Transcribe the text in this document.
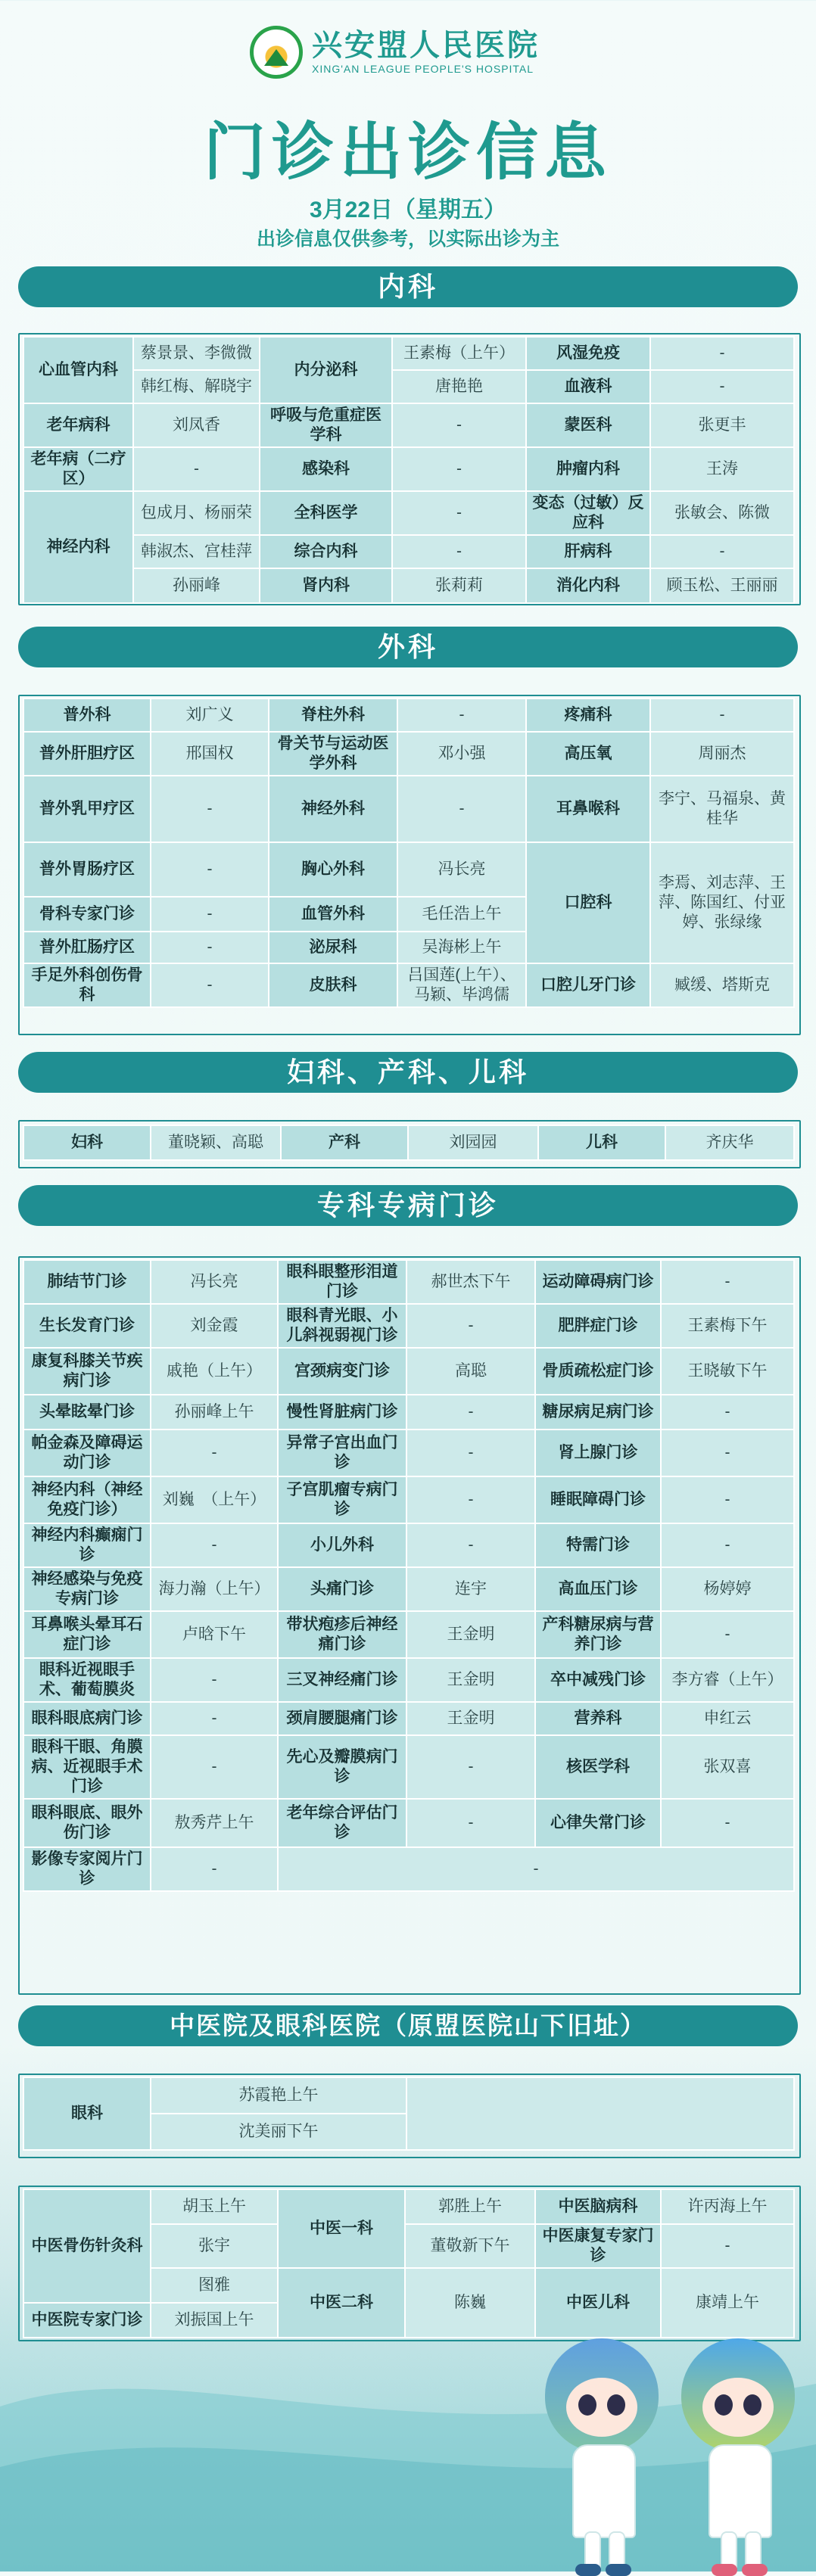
兴安盟人民医院
XING'AN LEAGUE PEOPLE'S HOSPITAL
门诊出诊信息
3月22日（星期五）
出诊信息仅供参考，以实际出诊为主
内科
心血管内科	蔡景景、李微微	内分泌科	王素梅（上午）	风湿免疫	-
	韩红梅、解晓宇		唐艳艳	血液科	-
老年病科	刘凤香	呼吸与危重症医学科	-	蒙医科	张更丰
老年病（二疗区）	-	感染科	-	肿瘤内科	王涛
神经内科	包成月、杨丽荣	全科医学	-	变态（过敏）反应科	张敏会、陈微
	韩淑杰、宫桂萍	综合内科	-	肝病科	-
	孙丽峰	肾内科	张莉莉	消化内科	顾玉松、王丽丽
外科
普外科	刘广义	脊柱外科	-	疼痛科	-
普外肝胆疗区	邢国权	骨关节与运动医学外科	邓小强	高压氧	周丽杰
普外乳甲疗区	-	神经外科	-	耳鼻喉科	李宁、马福泉、黄桂华
普外胃肠疗区	-	胸心外科	冯长亮	口腔科	李焉、刘志萍、王萍、陈国红、付亚婷、张绿缘
骨科专家门诊	-	血管外科	毛任浩上午		
普外肛肠疗区	-	泌尿科	吴海彬上午		
手足外科创伤骨科	-	皮肤科	吕国莲(上午）、马颖、毕鸿儒	口腔儿牙门诊	臧缓、塔斯克
妇科、产科、儿科
妇科	董晓颖、高聪	产科	刘园园	儿科	齐庆华
专科专病门诊
肺结节门诊	冯长亮	眼科眼整形泪道门诊	郝世杰下午	运动障碍病门诊	-
生长发育门诊	刘金霞	眼科青光眼、小儿斜视弱视门诊	-	肥胖症门诊	王素梅下午
康复科膝关节疾病门诊	戚艳（上午）	宫颈病变门诊	高聪	骨质疏松症门诊	王晓敏下午
头晕眩晕门诊	孙丽峰上午	慢性肾脏病门诊	-	糖尿病足病门诊	-
帕金森及障碍运动门诊	-	异常子宫出血门诊	-	肾上腺门诊	-
神经内科（神经免疫门诊）	刘巍　（上午）	子宫肌瘤专病门诊	-	睡眠障碍门诊	-
神经内科癫痫门诊	-	小儿外科	-	特需门诊	-
神经感染与免疫专病门诊	海力瀚（上午）	头痛门诊	连宇	高血压门诊	杨婷婷
耳鼻喉头晕耳石症门诊	卢晗下午	带状疱疹后神经痛门诊	王金明	产科糖尿病与营养门诊	-
眼科近视眼手术、葡萄膜炎	-	三叉神经痛门诊	王金明	卒中减残门诊	李方睿（上午）
眼科眼底病门诊	-	颈肩腰腿痛门诊	王金明	营养科	申红云
眼科干眼、角膜病、近视眼手术门诊	-	先心及瓣膜病门诊	-	核医学科	张双喜
眼科眼底、眼外伤门诊	敖秀芹上午	老年综合评估门诊	-	心律失常门诊	-
影像专家阅片门诊	-	-			
中医院及眼科医院（原盟医院山下旧址）
眼科	苏霞艳上午	
沈美丽下午
中医骨伤针灸科	胡玉上午	中医一科	郭胜上午	中医脑病科	许丙海上午
	张宇		董敬新下午	中医康复专家门诊	-
	图雅	中医二科	陈巍	中医儿科	康靖上午
中医院专家门诊	刘振国上午				
